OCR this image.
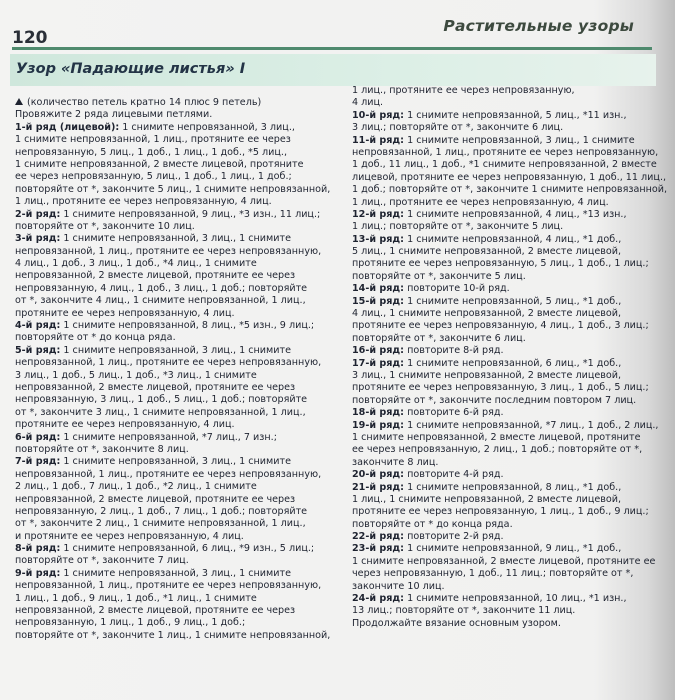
120
Растительные узоры
Узор «Падающие листья» I
(количество петель кратно 14 плюс 9 петель)
Провяжите 2 ряда лицевыми петлями.
1-й ряд (лицевой): 1 снимите непровязанной, 3 лиц.,
1 снимите непровязанной, 1 лиц., протяните ее через
непровязанную, 5 лиц., 1 доб., 1 лиц., 1 доб., *5 лиц.,
1 снимите непровязанной, 2 вместе лицевой, протяните
ее через непровязанную, 5 лиц., 1 доб., 1 лиц., 1 доб.;
повторяйте от *, закончите 5 лиц., 1 снимите непровязанной,
1 лиц., протяните ее через непровязанную, 4 лиц.
2-й ряд: 1 снимите непровязанной, 9 лиц., *3 изн., 11 лиц.;
повторяйте от *, закончите 10 лиц.
3-й ряд: 1 снимите непровязанной, 3 лиц., 1 снимите
непровязанной, 1 лиц., протяните ее через непровязанную,
4 лиц., 1 доб., 3 лиц., 1 доб., *4 лиц., 1 снимите
непровязанной, 2 вместе лицевой, протяните ее через
непровязанную, 4 лиц., 1 доб., 3 лиц., 1 доб.; повторяйте
от *, закончите 4 лиц., 1 снимите непровязанной, 1 лиц.,
протяните ее через непровязанную, 4 лиц.
4-й ряд: 1 снимите непровязанной, 8 лиц., *5 изн., 9 лиц.;
повторяйте от * до конца ряда.
5-й ряд: 1 снимите непровязанной, 3 лиц., 1 снимите
непровязанной, 1 лиц., протяните ее через непровязанную,
3 лиц., 1 доб., 5 лиц., 1 доб., *3 лиц., 1 снимите
непровязанной, 2 вместе лицевой, протяните ее через
непровязанную, 3 лиц., 1 доб., 5 лиц., 1 доб.; повторяйте
от *, закончите 3 лиц., 1 снимите непровязанной, 1 лиц.,
протяните ее через непровязанную, 4 лиц.
6-й ряд: 1 снимите непровязанной, *7 лиц., 7 изн.;
повторяйте от *, закончите 8 лиц.
7-й ряд: 1 снимите непровязанной, 3 лиц., 1 снимите
непровязанной, 1 лиц., протяните ее через непровязанную,
2 лиц., 1 доб., 7 лиц., 1 доб., *2 лиц., 1 снимите
непровязанной, 2 вместе лицевой, протяните ее через
непровязанную, 2 лиц., 1 доб., 7 лиц., 1 доб.; повторяйте
от *, закончите 2 лиц., 1 снимите непровязанной, 1 лиц.,
и протяните ее через непровязанную, 4 лиц.
8-й ряд: 1 снимите непровязанной, 6 лиц., *9 изн., 5 лиц.;
повторяйте от *, закончите 7 лиц.
9-й ряд: 1 снимите непровязанной, 3 лиц., 1 снимите
непровязанной, 1 лиц., протяните ее через непровязанную,
1 лиц., 1 доб., 9 лиц., 1 доб., *1 лиц., 1 снимите
непровязанной, 2 вместе лицевой, протяните ее через
непровязанную, 1 лиц., 1 доб., 9 лиц., 1 доб.;
повторяйте от *, закончите 1 лиц., 1 снимите непровязанной,
1 лиц., протяните ее через непровязанную,
4 лиц.
10-й ряд: 1 снимите непровязанной, 5 лиц., *11 изн.,
3 лиц.; повторяйте от *, закончите 6 лиц.
11-й ряд: 1 снимите непровязанной, 3 лиц., 1 снимите
непровязанной, 1 лиц., протяните ее через непровязанную,
1 доб., 11 лиц., 1 доб., *1 снимите непровязанной, 2 вместе
лицевой, протяните ее через непровязанную, 1 доб., 11 лиц.,
1 доб.; повторяйте от *, закончите 1 снимите непровязанной,
1 лиц., протяните ее через непровязанную, 4 лиц.
12-й ряд: 1 снимите непровязанной, 4 лиц., *13 изн.,
1 лиц.; повторяйте от *, закончите 5 лиц.
13-й ряд: 1 снимите непровязанной, 4 лиц., *1 доб.,
5 лиц., 1 снимите непровязанной, 2 вместе лицевой,
протяните ее через непровязанную, 5 лиц., 1 доб., 1 лиц.;
повторяйте от *, закончите 5 лиц.
14-й ряд: повторите 10-й ряд.
15-й ряд: 1 снимите непровязанной, 5 лиц., *1 доб.,
4 лиц., 1 снимите непровязанной, 2 вместе лицевой,
протяните ее через непровязанную, 4 лиц., 1 доб., 3 лиц.;
повторяйте от *, закончите 6 лиц.
16-й ряд: повторите 8-й ряд.
17-й ряд: 1 снимите непровязанной, 6 лиц., *1 доб.,
3 лиц., 1 снимите непровязанной, 2 вместе лицевой,
протяните ее через непровязанную, 3 лиц., 1 доб., 5 лиц.;
повторяйте от *, закончите последним повтором 7 лиц.
18-й ряд: повторите 6-й ряд.
19-й ряд: 1 снимите непровязанной, *7 лиц., 1 доб., 2 лиц.,
1 снимите непровязанной, 2 вместе лицевой, протяните
ее через непровязанную, 2 лиц., 1 доб.; повторяйте от *,
закончите 8 лиц.
20-й ряд: повторите 4-й ряд.
21-й ряд: 1 снимите непровязанной, 8 лиц., *1 доб.,
1 лиц., 1 снимите непровязанной, 2 вместе лицевой,
протяните ее через непровязанную, 1 лиц., 1 доб., 9 лиц.;
повторяйте от * до конца ряда.
22-й ряд: повторите 2-й ряд.
23-й ряд: 1 снимите непровязанной, 9 лиц., *1 доб.,
1 снимите непровязанной, 2 вместе лицевой, протяните ее
через непровязанную, 1 доб., 11 лиц.; повторяйте от *,
закончите 10 лиц.
24-й ряд: 1 снимите непровязанной, 10 лиц., *1 изн.,
13 лиц.; повторяйте от *, закончите 11 лиц.
Продолжайте вязание основным узором.
